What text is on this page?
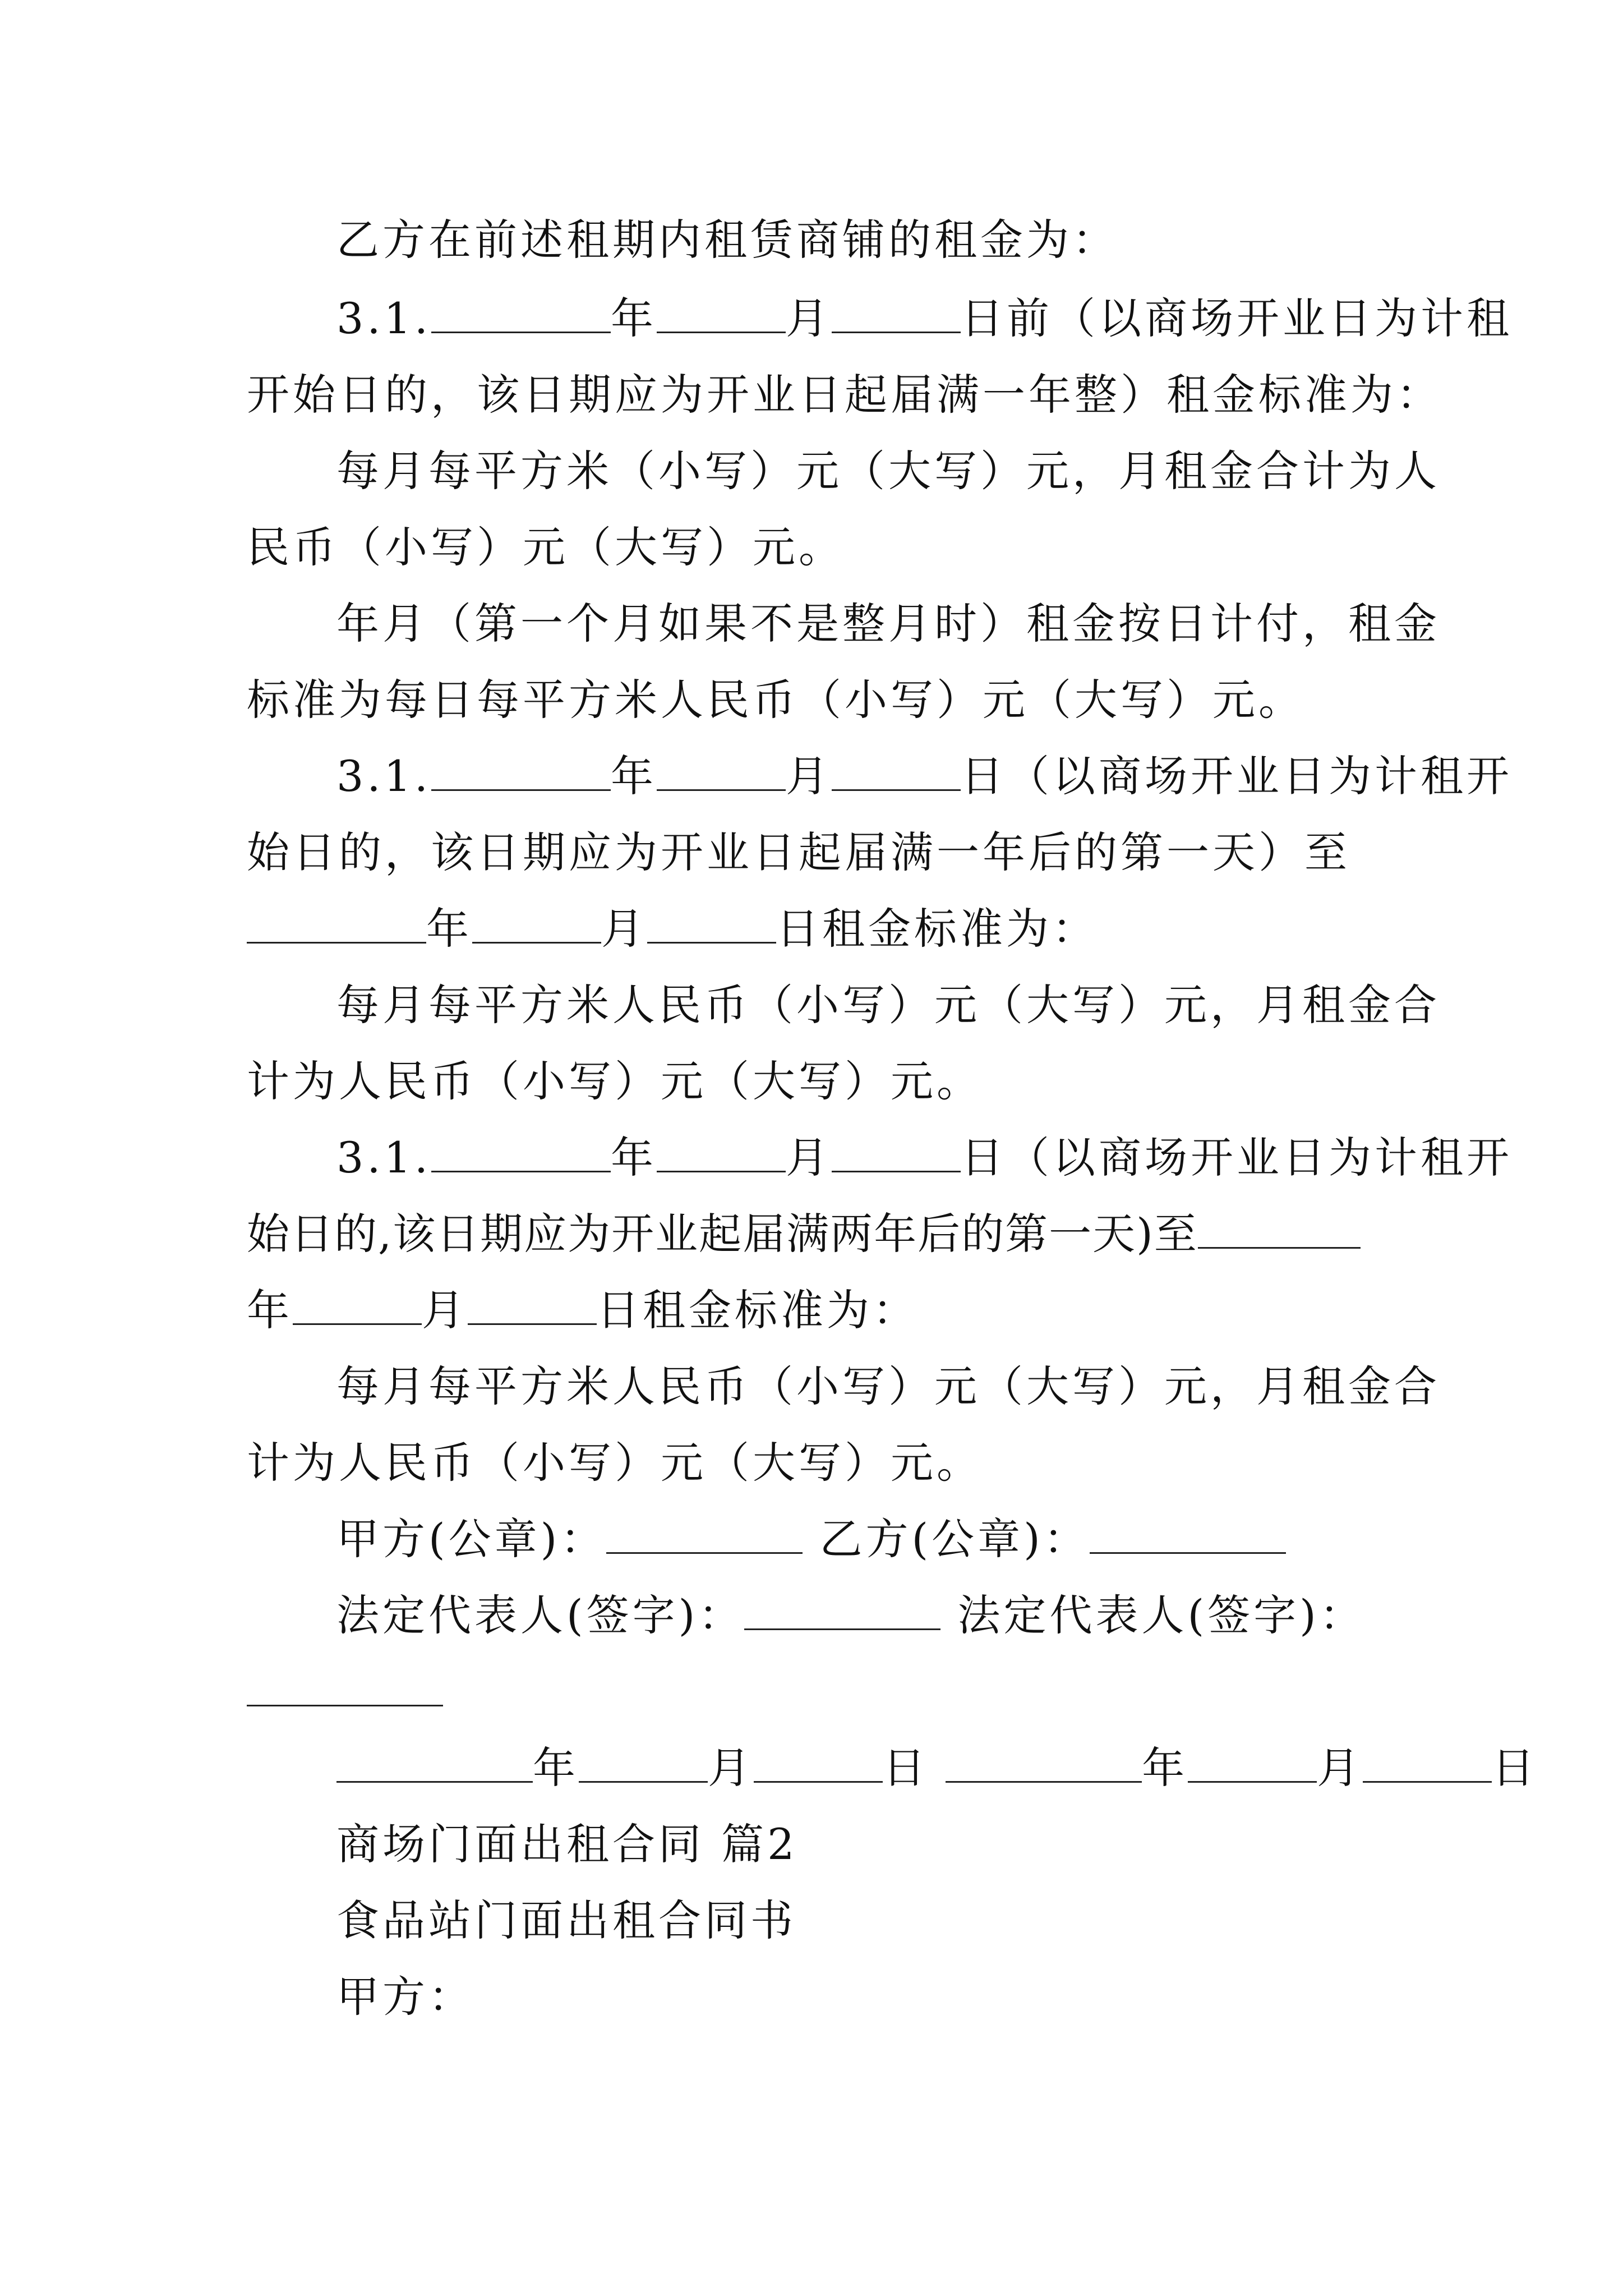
乙方在前述租期内租赁商铺的租金为：
3.1.	年	月	日前（以商场开业日为计租
开始日的，该日期应为开业日起届满一年整）租金标准为：
每月每平方米（小写）元（大写）元，月租金合计为人
民币（小写）元（大写）元。
年月（第一个月如果不是整月时）租金按日计付，租金
标准为每日每平方米人民币（小写）元（大写）元。
3.1.	年	月	日（以商场开业日为计租开
始日的，该日期应为开业日起届满一年后的第一天）至
年	月	日租金标准为：
每月每平方米人民币（小写）元（大写）元，月租金合
计为人民币（小写）元（大写）元。
3.1.	年	月	日（以商场开业日为计租开
始日的,该日期应为开业起届满两年后的第一天)至
年	月	日租金标准为：
每月每平方米人民币（小写）元（大写）元，月租金合
计为人民币（小写）元（大写）元。
甲方(公章)：	乙方(公章)：
法定代表人(签字)：	法定代表人(签字)：
年	月	日	年	月	日
商场门面出租合同 篇2
食品站门面出租合同书
甲方：
